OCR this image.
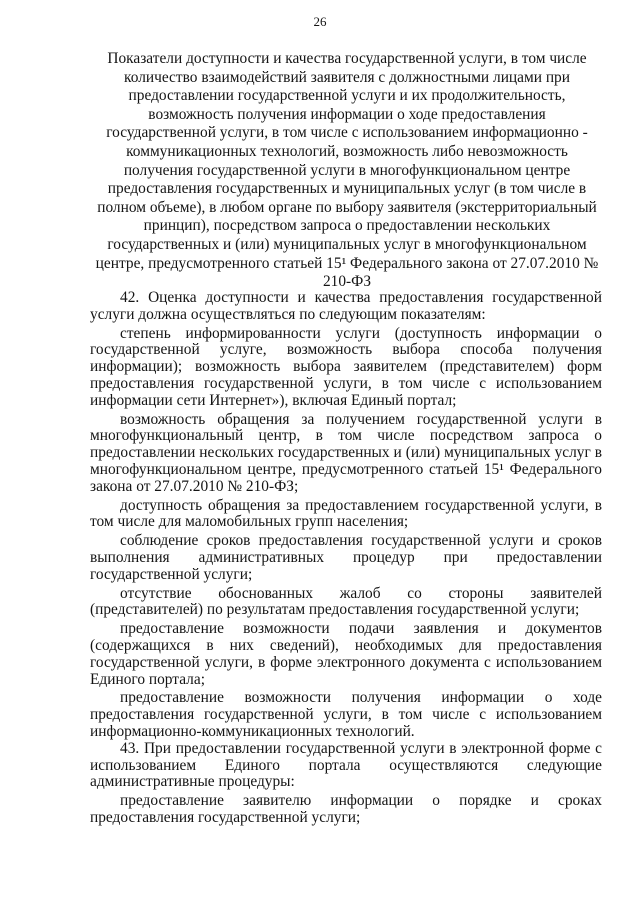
26

Показатели доступности и качества государственной услуги, в том числе количество взаимодействий заявителя с должностными лицами при предоставлении государственной услуги и их продолжительность, возможность получения информации о ходе предоставления государственной услуги, в том числе с использованием информационно - коммуникационных технологий, возможность либо невозможность получения государственной услуги в многофункциональном центре предоставления государственных и муниципальных услуг (в том числе в полном объеме), в любом органе по выбору заявителя (экстерриториальный принцип), посредством запроса о предоставлении нескольких государственных и (или) муниципальных услуг в многофункциональном центре, предусмотренного статьей 15¹ Федерального закона от 27.07.2010 № 210-ФЗ

42. Оценка доступности и качества предоставления государственной услуги должна осуществляться по следующим показателям:

степень информированности услуги (доступность информации о государственной услуге, возможность выбора способа получения информации); возможность выбора заявителем (представителем) форм предоставления государственной услуги, в том числе с использованием информации сети Интернет»), включая Единый портал;

возможность обращения за получением государственной услуги в многофункциональный центр, в том числе посредством запроса о предоставлении нескольких государственных и (или) муниципальных услуг в многофункциональном центре, предусмотренного статьей 15¹ Федерального закона от 27.07.2010 № 210-ФЗ;

доступность обращения за предоставлением государственной услуги, в том числе для маломобильных групп населения;

соблюдение сроков предоставления государственной услуги и сроков выполнения административных процедур при предоставлении государственной услуги;

отсутствие обоснованных жалоб со стороны заявителей (представителей) по результатам предоставления государственной услуги;

предоставление возможности подачи заявления и документов (содержащихся в них сведений), необходимых для предоставления государственной услуги, в форме электронного документа с использованием Единого портала;

предоставление возможности получения информации о ходе предоставления государственной услуги, в том числе с использованием информационно-коммуникационных технологий.

43. При предоставлении государственной услуги в электронной форме с использованием Единого портала осуществляются следующие административные процедуры:

предоставление заявителю информации о порядке и сроках предоставления государственной услуги;
